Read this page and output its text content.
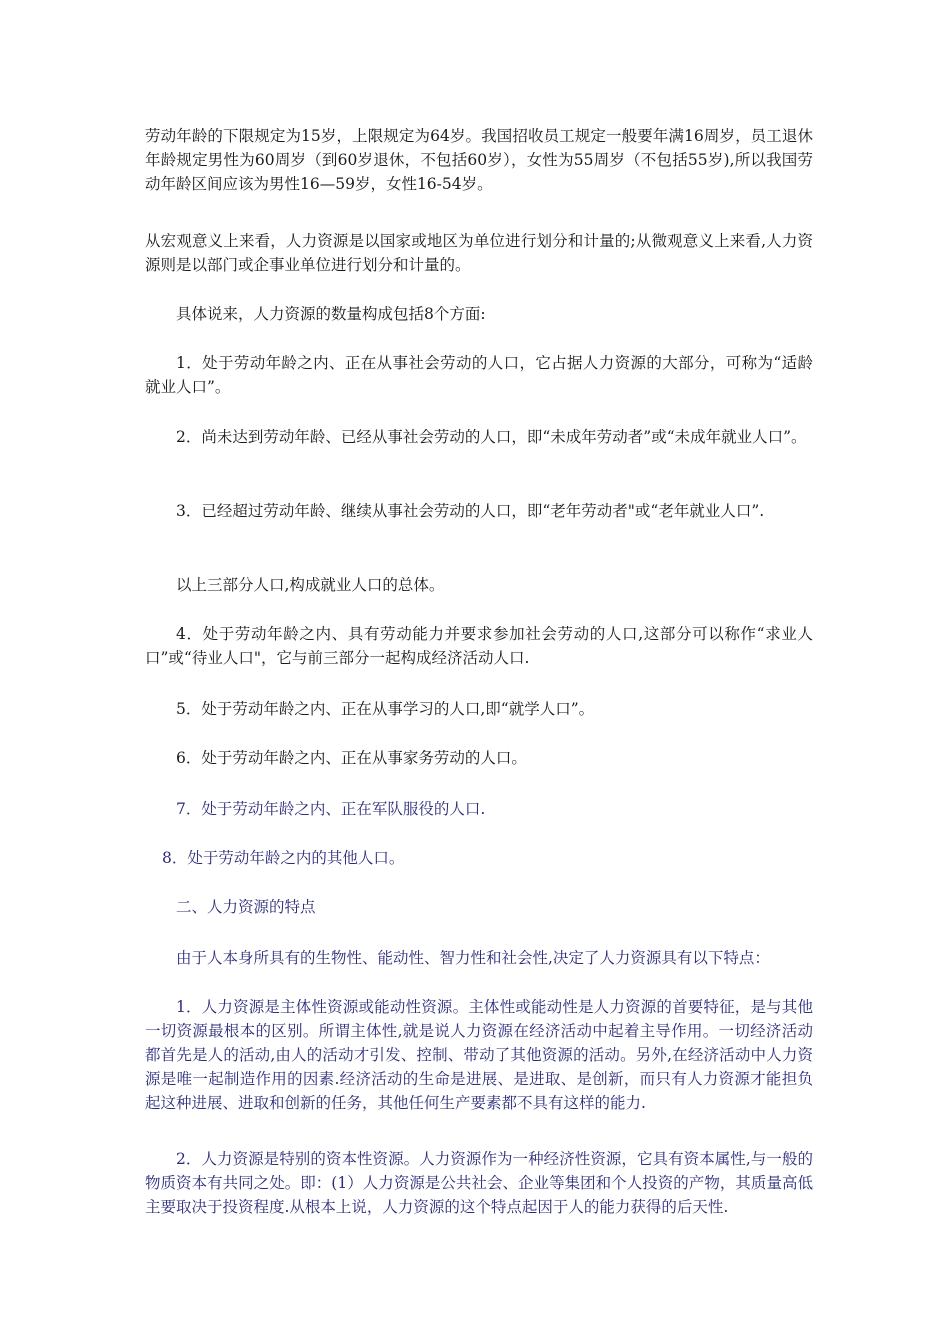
劳动年龄的下限规定为15岁，上限规定为64岁。我国招收员工规定一般要年满16周岁，员工退休年龄规定男性为60周岁（到60岁退休，不包括60岁），女性为55周岁（不包括55岁),所以我国劳动年龄区间应该为男性16—59岁，女性16-54岁。

从宏观意义上来看，人力资源是以国家或地区为单位进行划分和计量的;从微观意义上来看,人力资源则是以部门或企事业单位进行划分和计量的。

具体说来，人力资源的数量构成包括8个方面:

1．处于劳动年龄之内、正在从事社会劳动的人口，它占据人力资源的大部分，可称为“适龄就业人口”。

2．尚未达到劳动年龄、已经从事社会劳动的人口，即“未成年劳动者”或“未成年就业人口”。

3．已经超过劳动年龄、继续从事社会劳动的人口，即“老年劳动者"或“老年就业人口”.

以上三部分人口,构成就业人口的总体。

4．处于劳动年龄之内、具有劳动能力并要求参加社会劳动的人口,这部分可以称作“求业人口”或“待业人口"，它与前三部分一起构成经济活动人口.

5．处于劳动年龄之内、正在从事学习的人口,即“就学人口”。

6．处于劳动年龄之内、正在从事家务劳动的人口。

7．处于劳动年龄之内、正在军队服役的人口.

8．处于劳动年龄之内的其他人口。

二、人力资源的特点

由于人本身所具有的生物性、能动性、智力性和社会性,决定了人力资源具有以下特点：

1．人力资源是主体性资源或能动性资源。主体性或能动性是人力资源的首要特征，是与其他一切资源最根本的区别。所谓主体性,就是说人力资源在经济活动中起着主导作用。一切经济活动都首先是人的活动,由人的活动才引发、控制、带动了其他资源的活动。另外,在经济活动中人力资源是唯一起制造作用的因素.经济活动的生命是进展、是进取、是创新，而只有人力资源才能担负起这种进展、进取和创新的任务，其他任何生产要素都不具有这样的能力.

2．人力资源是特别的资本性资源。人力资源作为一种经济性资源，它具有资本属性,与一般的物质资本有共同之处。即：(1）人力资源是公共社会、企业等集团和个人投资的产物，其质量高低主要取决于投资程度.从根本上说，人力资源的这个特点起因于人的能力获得的后天性.
